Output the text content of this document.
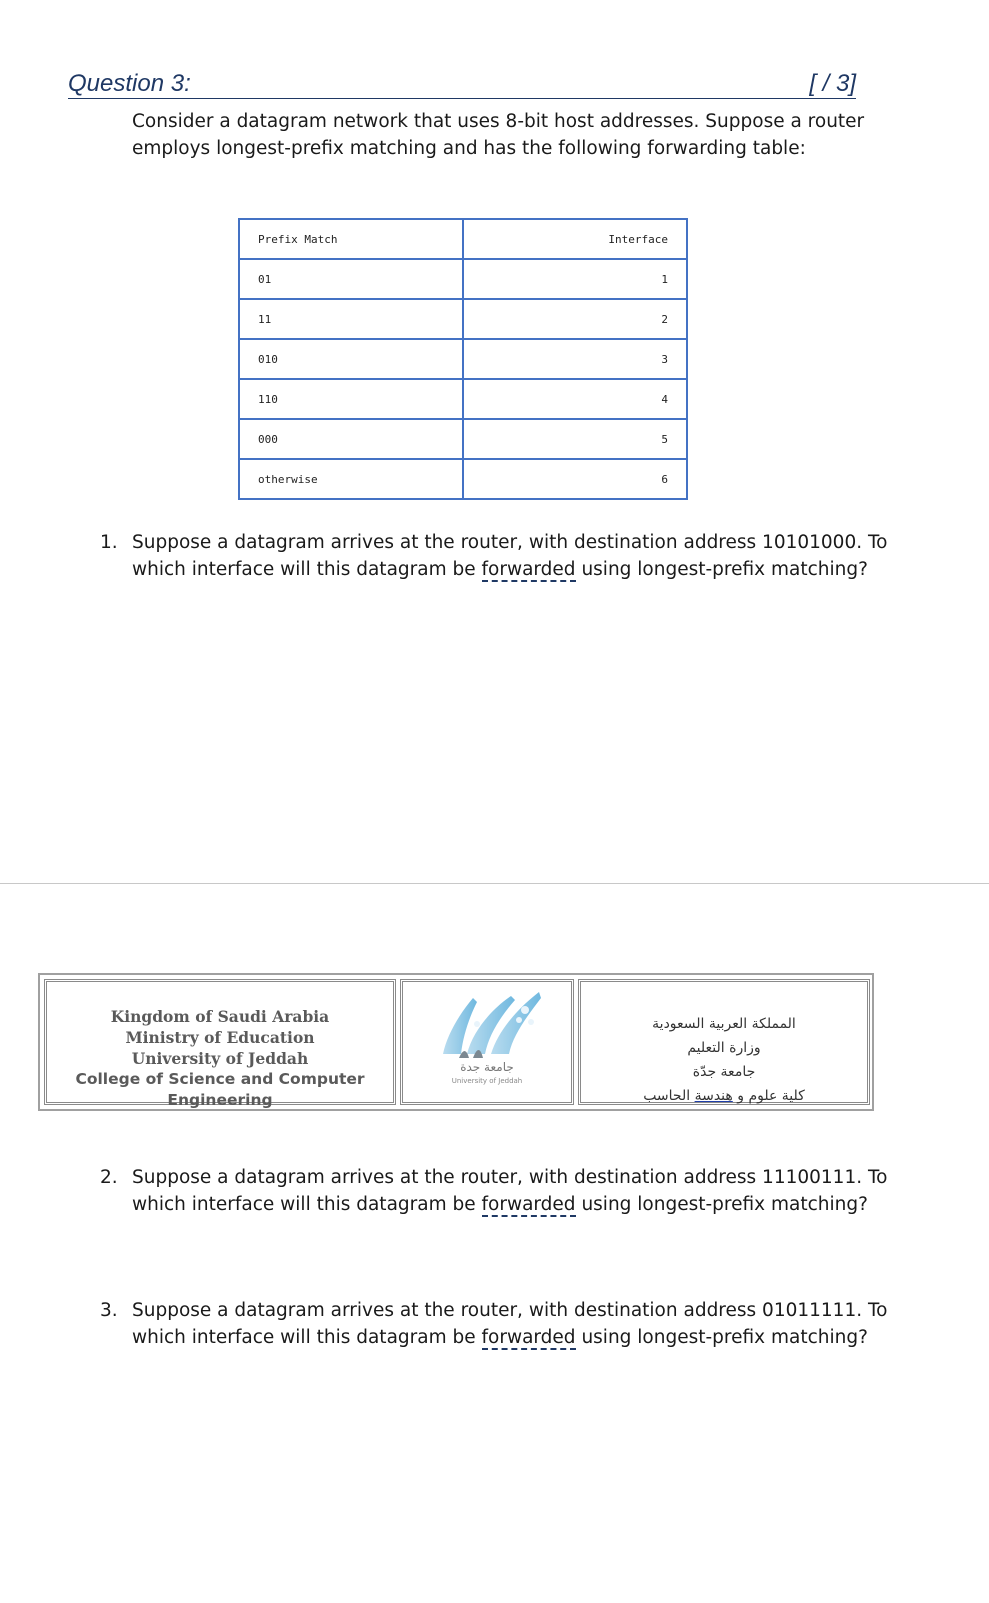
Question 3:	[ / 3]
Consider a datagram network that uses 8-bit host addresses. Suppose a router employs longest-prefix matching and has the following forwarding table:
Prefix Match	Interface
01	1
11	2
010	3
110	4
000	5
otherwise	6
1. Suppose a datagram arrives at the router, with destination address 10101000. To which interface will this datagram be forwarded using longest-prefix matching?
Kingdom of Saudi Arabia
Ministry of Education
University of Jeddah
College of Science and Computer Engineering
جامعة جدة
University of Jeddah
المملكة العربية السعودية
وزارة التعليم
جامعة جدّة
كلية علوم و هندسة الحاسب
2. Suppose a datagram arrives at the router, with destination address 11100111. To which interface will this datagram be forwarded using longest-prefix matching?
3. Suppose a datagram arrives at the router, with destination address 01011111. To which interface will this datagram be forwarded using longest-prefix matching?
